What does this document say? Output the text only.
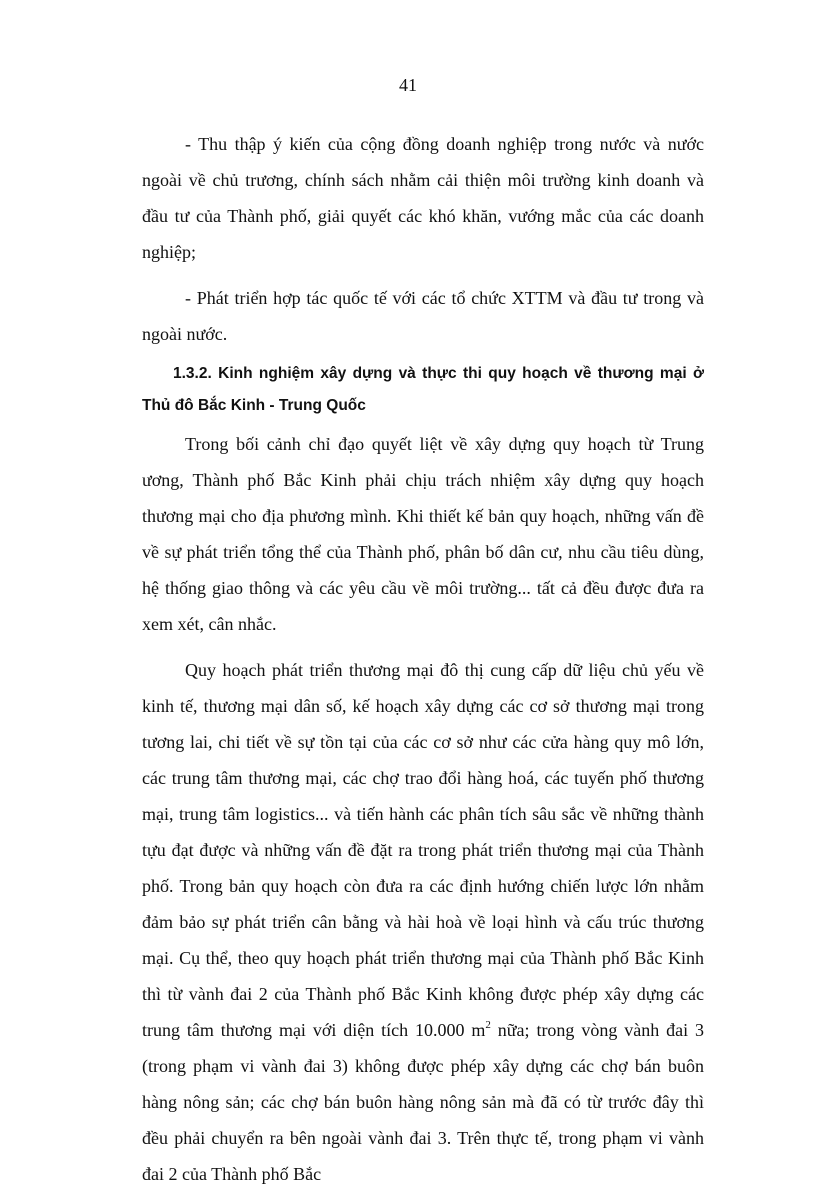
41

- Thu thập ý kiến của cộng đồng doanh nghiệp trong nước và nước ngoài về chủ trương, chính sách nhằm cải thiện môi trường kinh doanh và đầu tư của Thành phố, giải quyết các khó khăn, vướng mắc của các doanh nghiệp;

- Phát triển hợp tác quốc tế với các tổ chức XTTM và đầu tư trong và ngoài nước.

1.3.2. Kinh nghiệm xây dựng và thực thi quy hoạch về thương mại ở Thủ đô Bắc Kinh - Trung Quốc

Trong bối cảnh chỉ đạo quyết liệt về xây dựng quy hoạch từ Trung ương, Thành phố Bắc Kinh phải chịu trách nhiệm xây dựng quy hoạch thương mại cho địa phương mình. Khi thiết kế bản quy hoạch, những vấn đề về sự phát triển tổng thể của Thành phố, phân bố dân cư, nhu cầu tiêu dùng, hệ thống giao thông và các yêu cầu về môi trường... tất cả đều được đưa ra xem xét, cân nhắc.

Quy hoạch phát triển thương mại đô thị cung cấp dữ liệu chủ yếu về kinh tế, thương mại dân số, kế hoạch xây dựng các cơ sở thương mại trong tương lai, chi tiết về sự tồn tại của các cơ sở như các cửa hàng quy mô lớn, các trung tâm thương mại, các chợ trao đổi hàng hoá, các tuyến phố thương mại, trung tâm logistics... và tiến hành các phân tích sâu sắc về những thành tựu đạt được và những vấn đề đặt ra trong phát triển thương mại của Thành phố. Trong bản quy hoạch còn đưa ra các định hướng chiến lược lớn nhằm đảm bảo sự phát triển cân bằng và hài hoà về loại hình và cấu trúc thương mại. Cụ thể, theo quy hoạch phát triển thương mại của Thành phố Bắc Kinh thì từ vành đai 2 của Thành phố Bắc Kinh không được phép xây dựng các trung tâm thương mại với diện tích 10.000 $m^2$ nữa; trong vòng vành đai 3 (trong phạm vi vành đai 3) không được phép xây dựng các chợ bán buôn hàng nông sản; các chợ bán buôn hàng nông sản mà đã có từ trước đây thì đều phải chuyển ra bên ngoài vành đai 3. Trên thực tế, trong phạm vi vành đai 2 của Thành phố Bắc
